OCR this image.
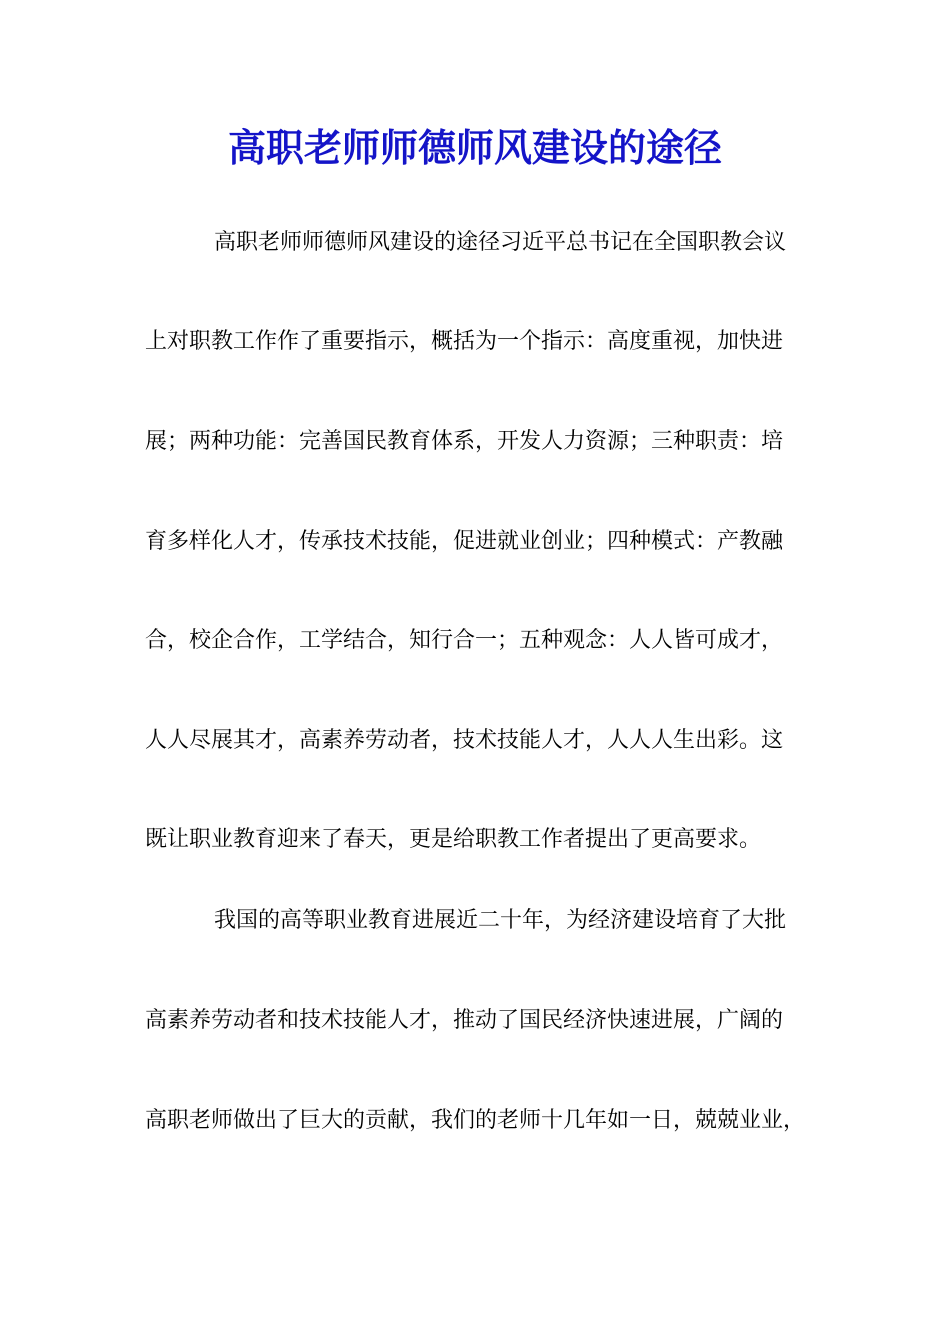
高职老师师德师风建设的途径

高职老师师德师风建设的途径习近平总书记在全国职教会议

上对职教工作作了重要指示，概括为一个指示：高度重视，加快进

展；两种功能：完善国民教育体系，开发人力资源；三种职责：培

育多样化人才，传承技术技能，促进就业创业；四种模式：产教融

合，校企合作，工学结合，知行合一；五种观念：人人皆可成才，

人人尽展其才，高素养劳动者，技术技能人才，人人人生出彩。这

既让职业教育迎来了春天，更是给职教工作者提出了更高要求。

我国的高等职业教育进展近二十年，为经济建设培育了大批

高素养劳动者和技术技能人才，推动了国民经济快速进展，广阔的

高职老师做出了巨大的贡献，我们的老师十几年如一日，兢兢业业，
